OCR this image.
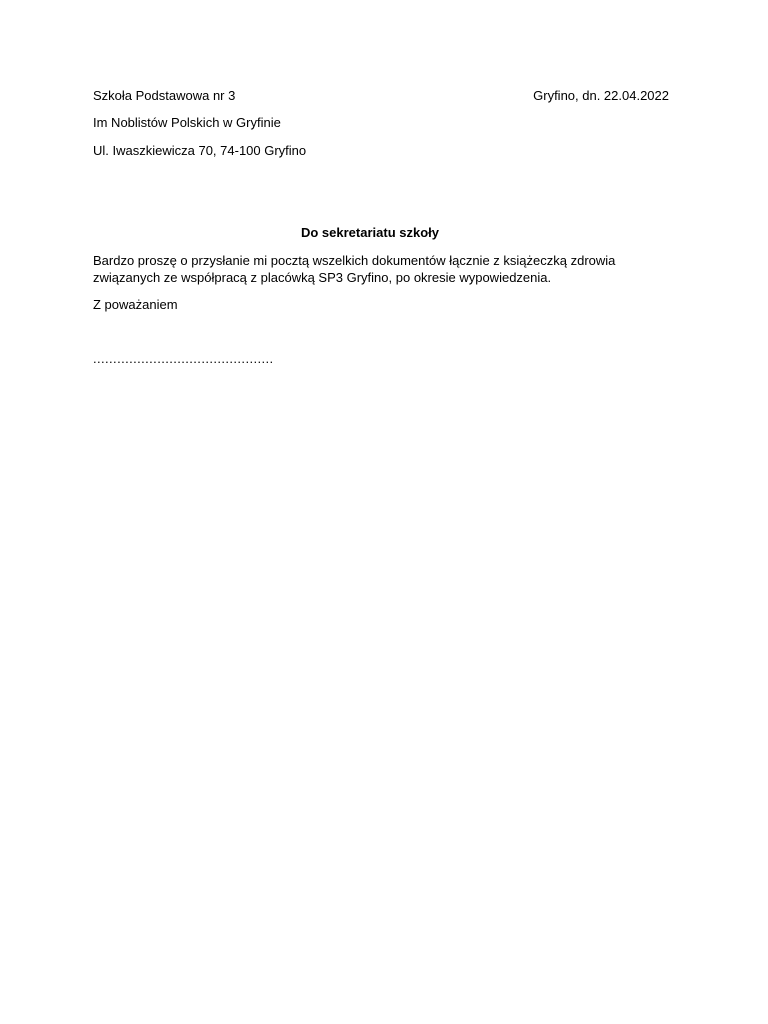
Szkoła Podstawowa nr 3	Gryfino, dn. 22.04.2022
Im Noblistów Polskich w Gryfinie
Ul. Iwaszkiewicza 70, 74-100 Gryfino
Do sekretariatu szkoły
Bardzo proszę o przysłanie mi pocztą wszelkich dokumentów łącznie z książeczką zdrowia
związanych ze współpracą z placówką SP3 Gryfino, po okresie wypowiedzenia.
Z poważaniem
.............................................
